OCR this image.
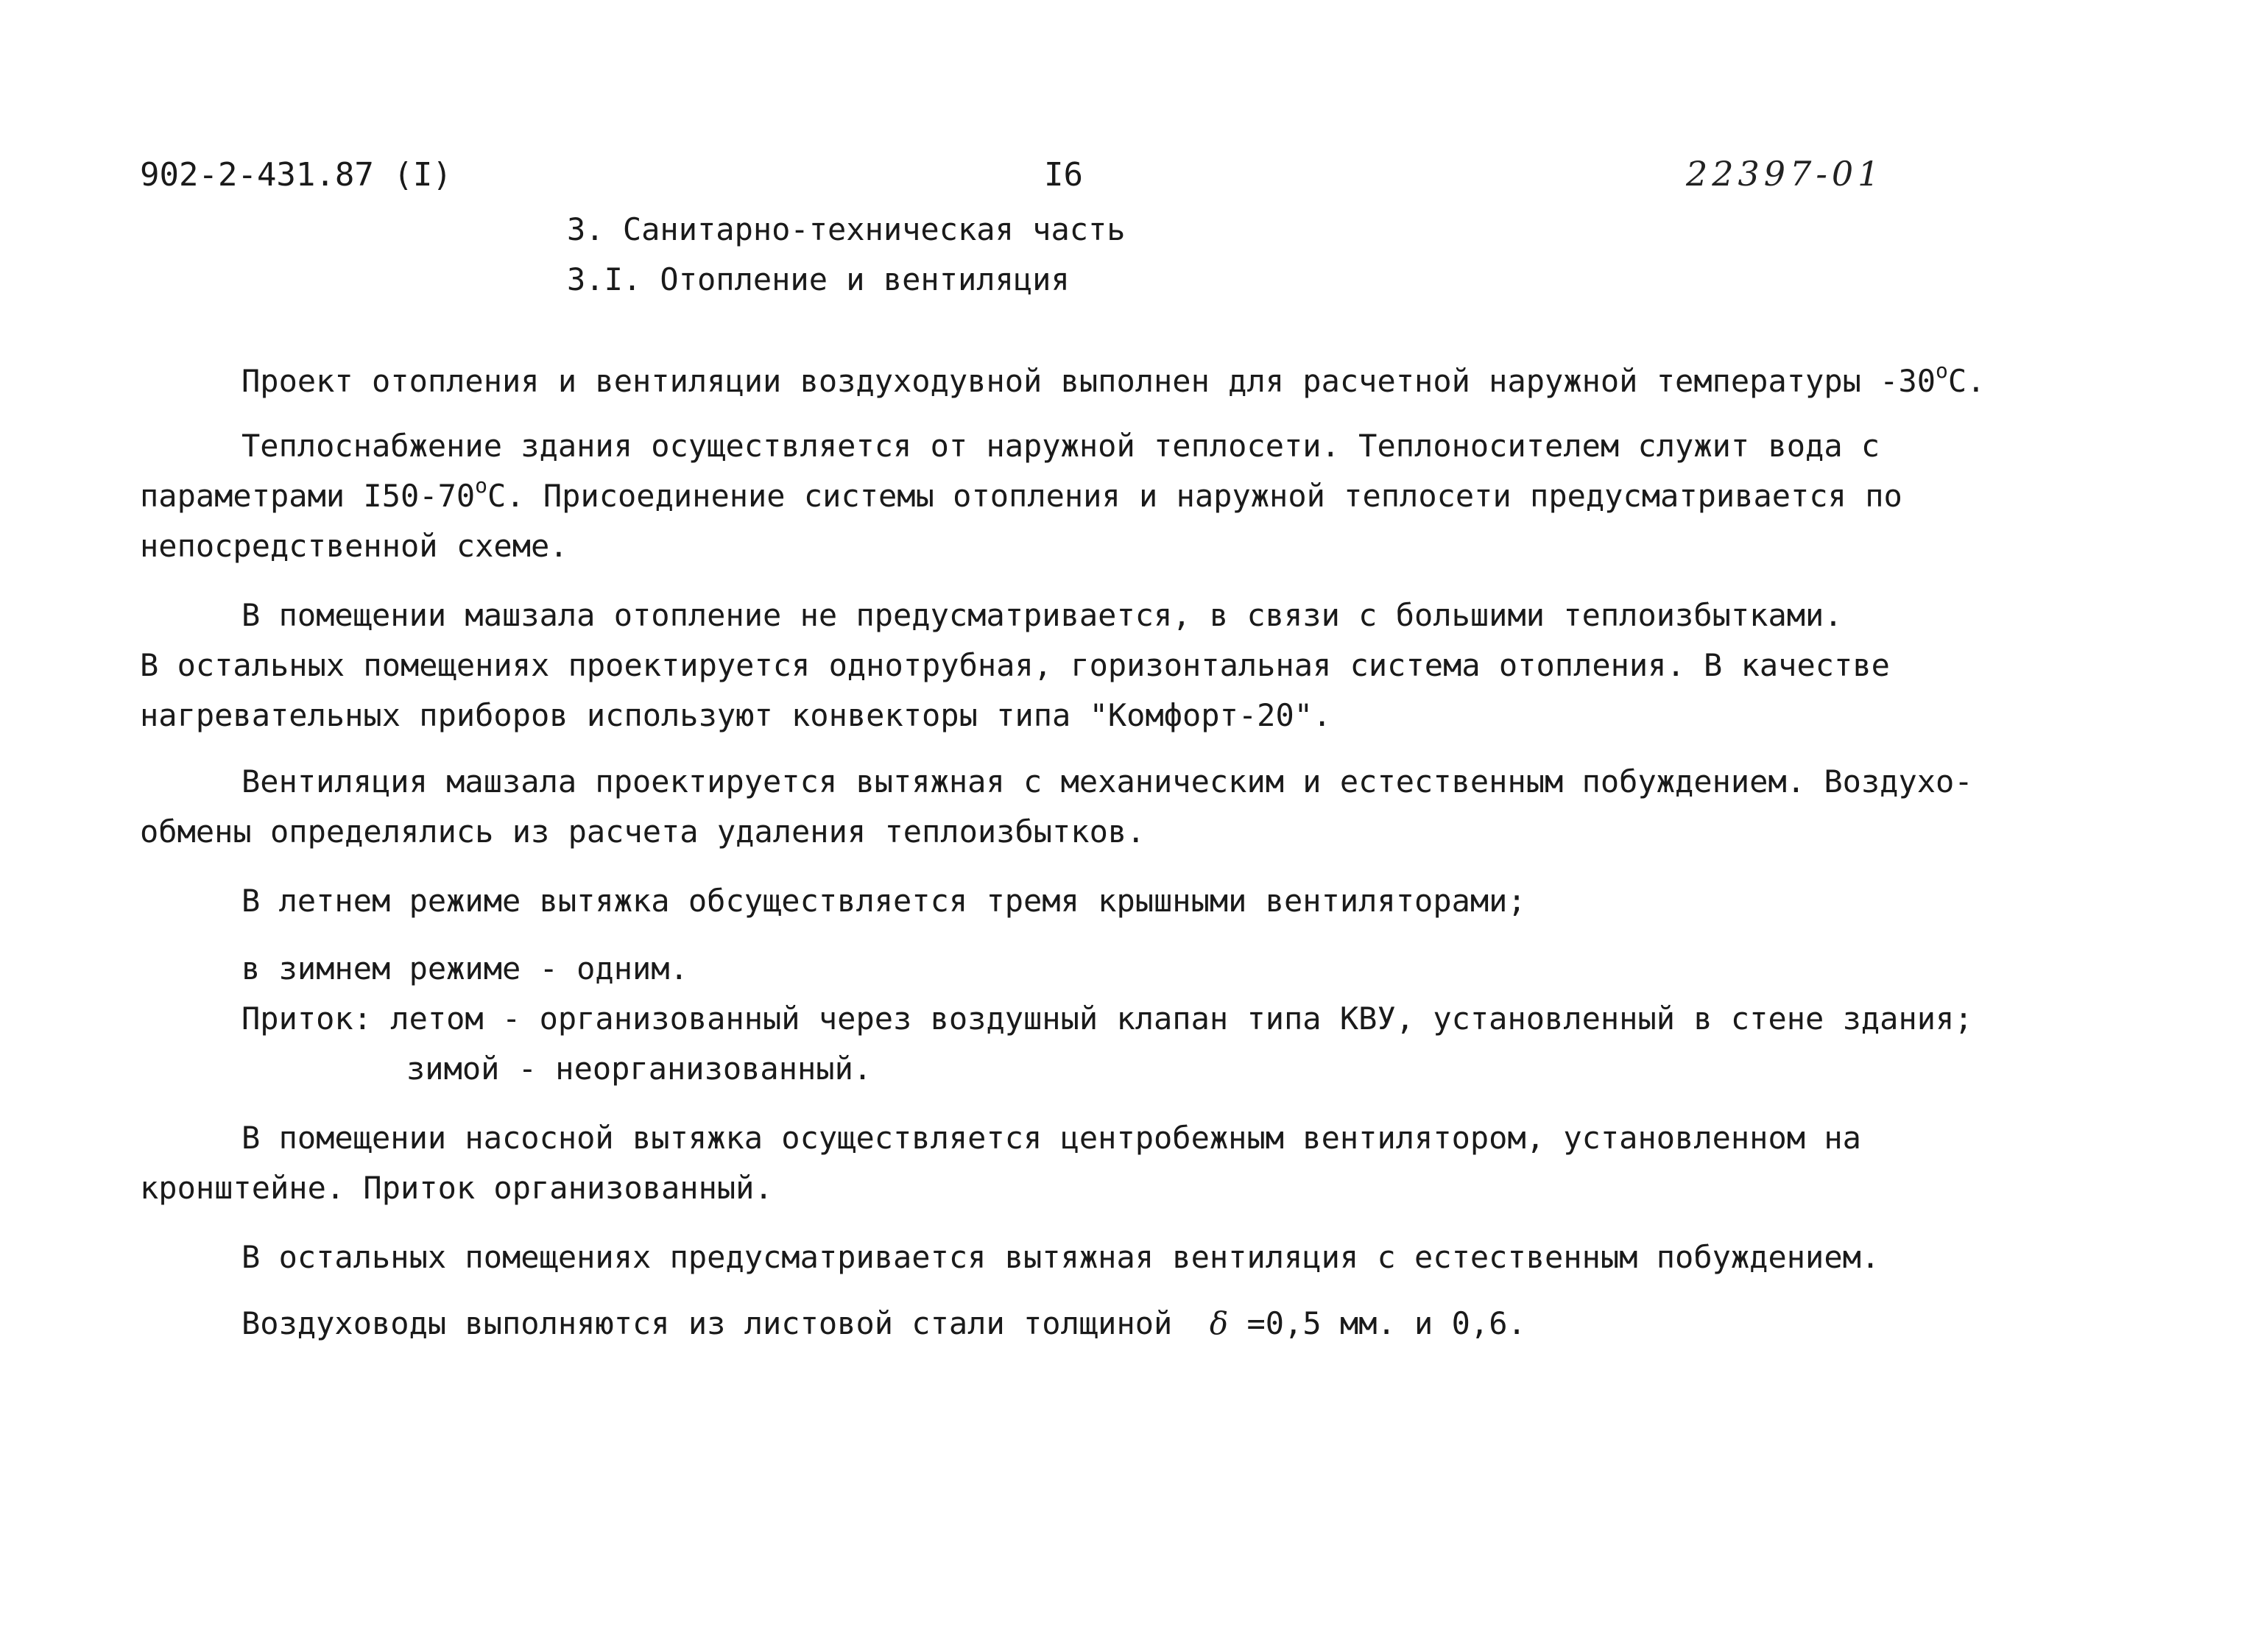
902-2-431.87 (I)	I6	22397-01
3. Санитарно-техническая часть
3.I. Отопление и вентиляция
Проект отопления и вентиляции воздуходувной выполнен для расчетной наружной температуры -30$^o$C.
Теплоснабжение здания осуществляется от наружной теплосети. Теплоносителем служит вода с
параметрами I50-70$^o$C. Присоединение системы отопления и наружной теплосети предусматривается по
непосредственной схеме.
В помещении машзала отопление не предусматривается, в связи с большими теплоизбытками.
В остальных помещениях проектируется однотрубная, горизонтальная система отопления. В качестве
нагревательных приборов используют конвекторы типа "Комфорт-20".
Вентиляция машзала проектируется вытяжная с механическим и естественным побуждением. Воздухо-
обмены определялись из расчета удаления теплоизбытков.
В летнем режиме вытяжка обсуществляется тремя крышными вентиляторами;
в зимнем режиме - одним.
Приток: летом - организованный через воздушный клапан типа КВУ, установленный в стене здания;
зимой - неорганизованный.
В помещении насосной вытяжка осуществляется центробежным вентилятором, установленном на
кронштейне. Приток организованный.
В остальных помещениях предусматривается вытяжная вентиляция с естественным побуждением.
Воздуховоды выполняются из листовой стали толщиной δ =0,5 мм. и 0,6.
